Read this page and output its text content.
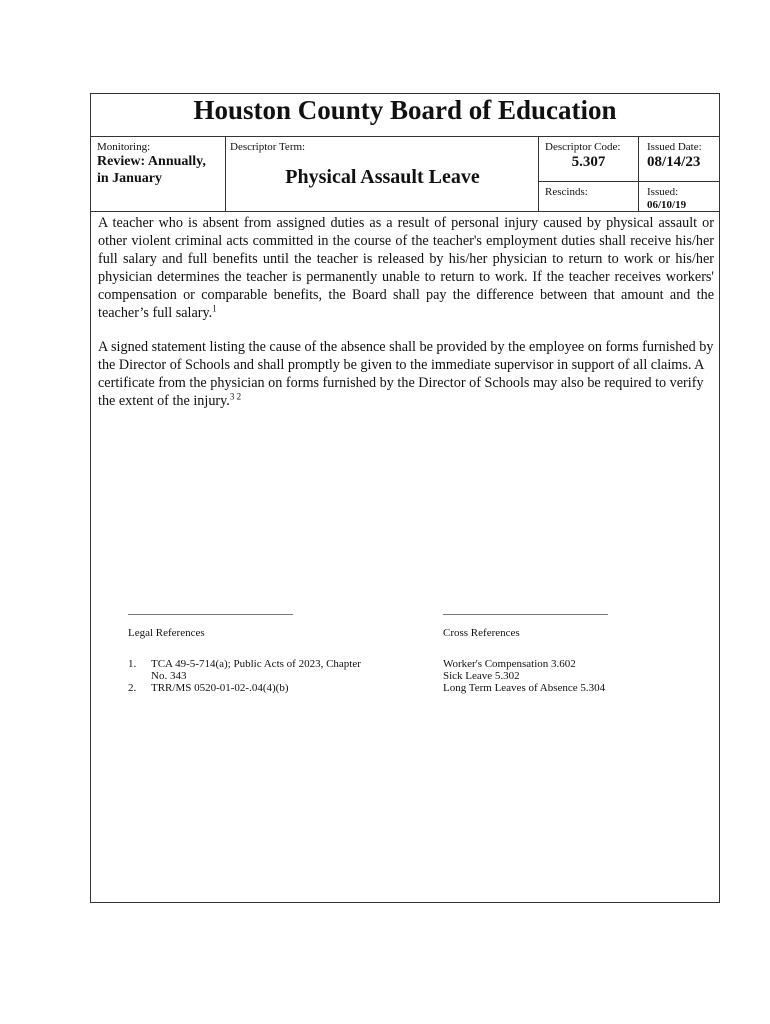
Houston County Board of Education
Monitoring:
Review: Annually,
in January
Descriptor Term:
Physical Assault Leave
Descriptor Code:
5.307
Rescinds:
Issued Date:
08/14/23
Issued:
06/10/19

A teacher who is absent from assigned duties as a result of personal injury caused by physical assault or other violent criminal acts committed in the course of the teacher's employment duties shall receive his/her full salary and full benefits until the teacher is released by his/her physician to return to work or his/her physician determines the teacher is permanently unable to return to work. If the teacher receives workers' compensation or comparable benefits, the Board shall pay the difference between that amount and the teacher’s full salary.$^1$

A signed statement listing the cause of the absence shall be provided by the employee on forms furnished by the Director of Schools and shall promptly be given to the immediate supervisor in support of all claims. A certificate from the physician on forms furnished by the Director of Schools may also be required to verify the extent of the injury.$^{3 2}$

Legal References
1.	TCA 49-5-714(a); Public Acts of 2023, Chapter
No. 343
2.	TRR/MS 0520-01-02-.04(4)(b)
Cross References
Worker's Compensation 3.602
Sick Leave 5.302
Long Term Leaves of Absence 5.304
